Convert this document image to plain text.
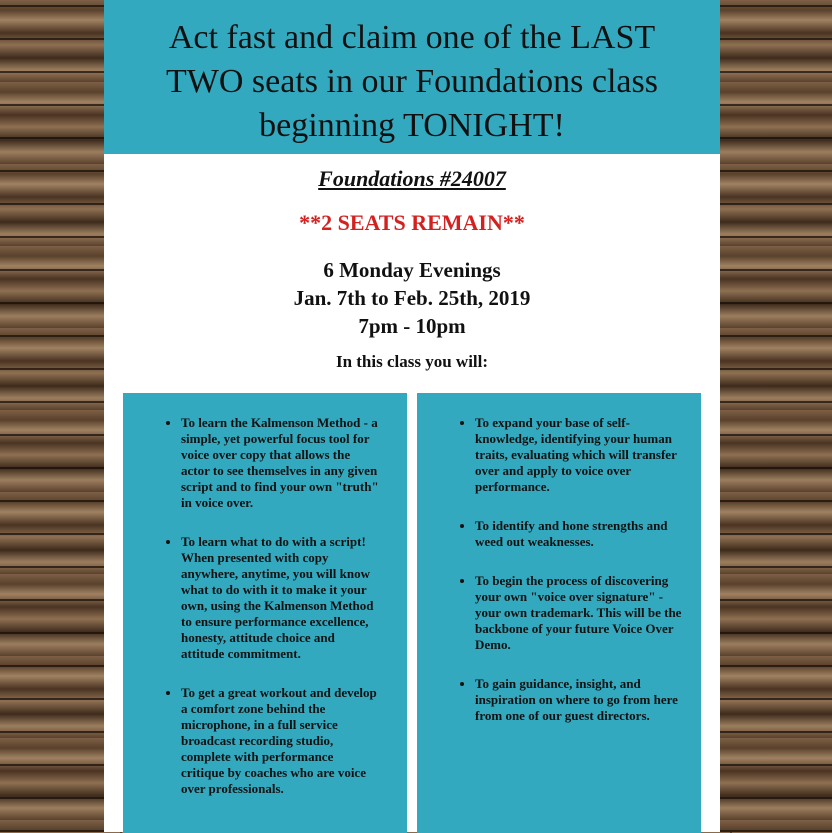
Act fast and claim one of the LAST
TWO seats in our Foundations class
beginning TONIGHT!
Foundations #24007
**2 SEATS REMAIN**
6 Monday Evenings
Jan. 7th to Feb. 25th, 2019
7pm - 10pm
In this class you will:
• To learn the Kalmenson Method - a simple, yet powerful focus tool for voice over copy that allows the actor to see themselves in any given script and to find your own "truth" in voice over.
• To learn what to do with a script! When presented with copy anywhere, anytime, you will know what to do with it to make it your own, using the Kalmenson Method to ensure performance excellence, honesty, attitude choice and attitude commitment.
• To get a great workout and develop a comfort zone behind the microphone, in a full service broadcast recording studio, complete with performance critique by coaches who are voice over professionals.
• To expand your base of self-knowledge, identifying your human traits, evaluating which will transfer over and apply to voice over performance.
• To identify and hone strengths and weed out weaknesses.
• To begin the process of discovering your own "voice over signature" - your own trademark. This will be the backbone of your future Voice Over Demo.
• To gain guidance, insight, and inspiration on where to go from here from one of our guest directors.
